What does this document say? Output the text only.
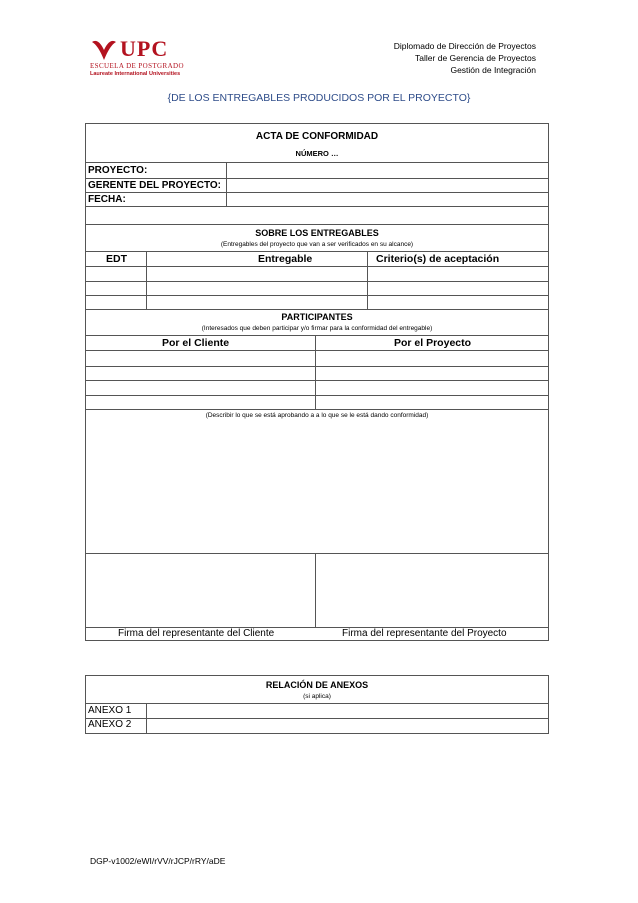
UPC
ESCUELA DE POSTGRADO
Laureate International Universities
Diplomado de Dirección de Proyectos
Taller de Gerencia de Proyectos
Gestión de Integración
{DE LOS ENTREGABLES PRODUCIDOS POR EL PROYECTO}
ACTA DE CONFORMIDAD
NÚMERO …
PROYECTO:
GERENTE DEL PROYECTO:
FECHA:
SOBRE LOS ENTREGABLES
(Entregables del proyecto que van a ser verificados en su alcance)
EDT	Entregable	Criterio(s) de aceptación
PARTICIPANTES
(Interesados que deben participar y/o firmar para la conformidad del entregable)
Por el Cliente	Por el Proyecto
(Describir lo que se está aprobando a a lo que se le está dando conformidad)
Firma del representante del Cliente	Firma del representante del Proyecto
RELACIÓN DE ANEXOS
(si aplica)
ANEXO 1
ANEXO 2
DGP-v1002/eWI/rVV/rJCP/rRY/aDE
